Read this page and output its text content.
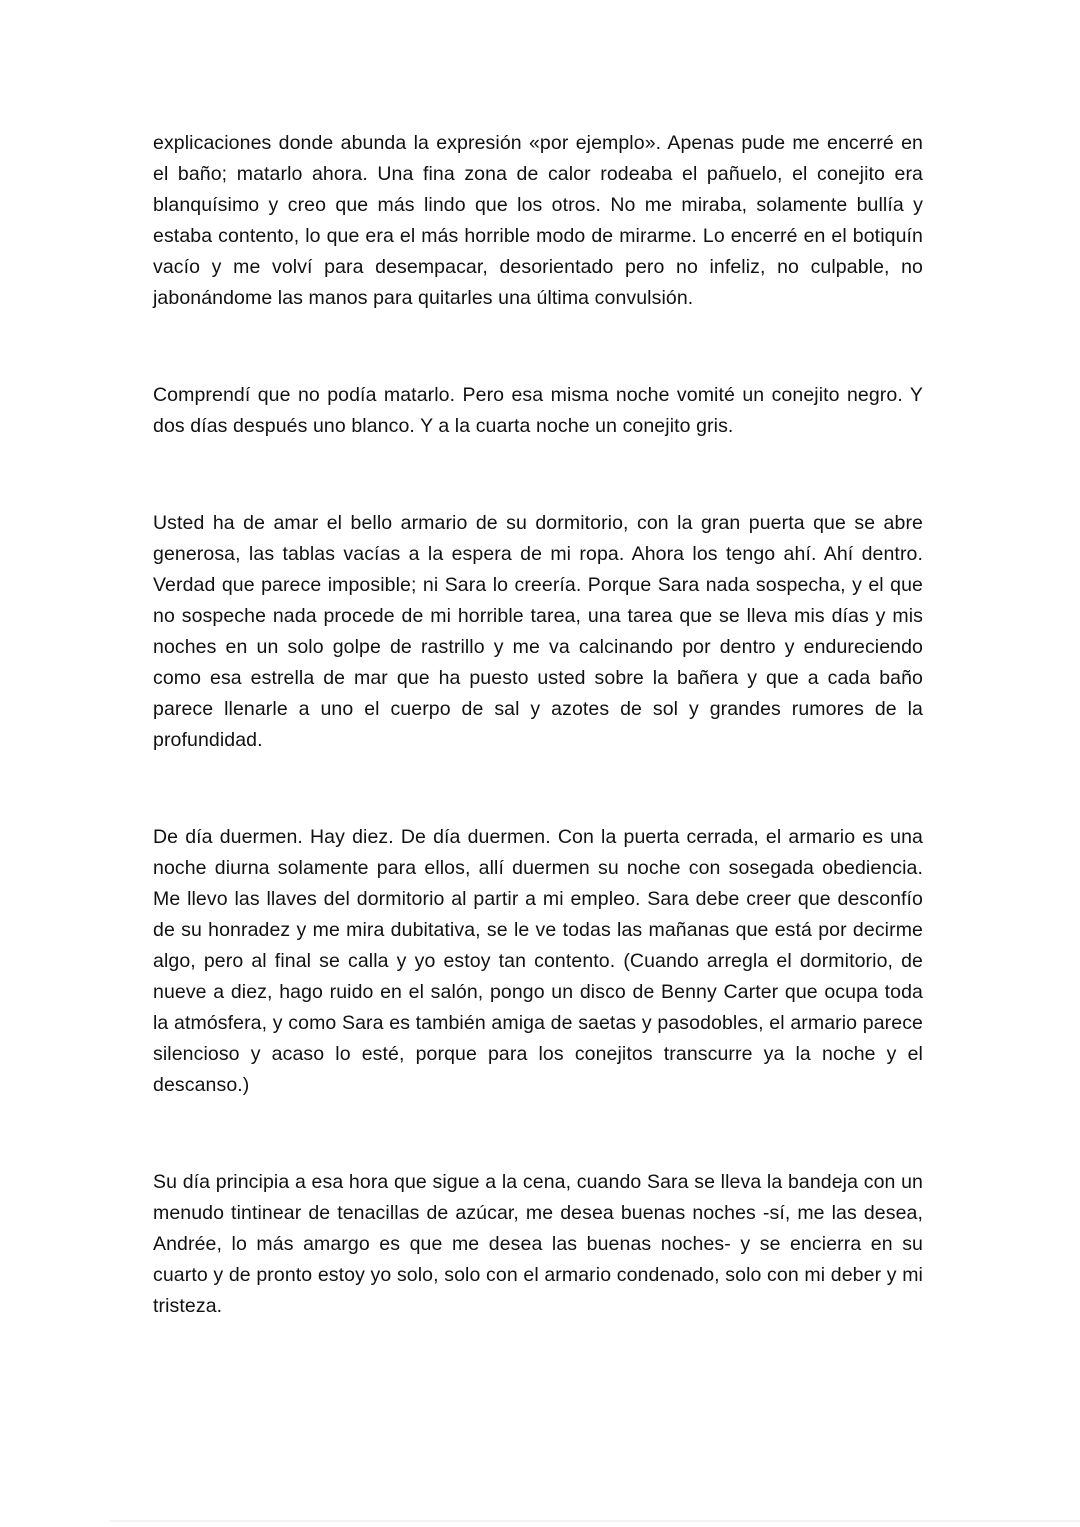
explicaciones donde abunda la expresión «por ejemplo». Apenas pude me encerré en el baño; matarlo ahora. Una fina zona de calor rodeaba el pañuelo, el conejito era blanquísimo y creo que más lindo que los otros. No me miraba, solamente bullía y estaba contento, lo que era el más horrible modo de mirarme. Lo encerré en el botiquín vacío y me volví para desempacar, desorientado pero no infeliz, no culpable, no jabonándome las manos para quitarles una última convulsión.

Comprendí que no podía matarlo. Pero esa misma noche vomité un conejito negro. Y dos días después uno blanco. Y a la cuarta noche un conejito gris.

Usted ha de amar el bello armario de su dormitorio, con la gran puerta que se abre generosa, las tablas vacías a la espera de mi ropa. Ahora los tengo ahí. Ahí dentro. Verdad que parece imposible; ni Sara lo creería. Porque Sara nada sospecha, y el que no sospeche nada procede de mi horrible tarea, una tarea que se lleva mis días y mis noches en un solo golpe de rastrillo y me va calcinando por dentro y endureciendo como esa estrella de mar que ha puesto usted sobre la bañera y que a cada baño parece llenarle a uno el cuerpo de sal y azotes de sol y grandes rumores de la profundidad.

De día duermen. Hay diez. De día duermen. Con la puerta cerrada, el armario es una noche diurna solamente para ellos, allí duermen su noche con sosegada obediencia. Me llevo las llaves del dormitorio al partir a mi empleo. Sara debe creer que desconfío de su honradez y me mira dubitativa, se le ve todas las mañanas que está por decirme algo, pero al final se calla y yo estoy tan contento. (Cuando arregla el dormitorio, de nueve a diez, hago ruido en el salón, pongo un disco de Benny Carter que ocupa toda la atmósfera, y como Sara es también amiga de saetas y pasodobles, el armario parece silencioso y acaso lo esté, porque para los conejitos transcurre ya la noche y el descanso.)

Su día principia a esa hora que sigue a la cena, cuando Sara se lleva la bandeja con un menudo tintinear de tenacillas de azúcar, me desea buenas noches -sí, me las desea, Andrée, lo más amargo es que me desea las buenas noches- y se encierra en su cuarto y de pronto estoy yo solo, solo con el armario condenado, solo con mi deber y mi tristeza.
